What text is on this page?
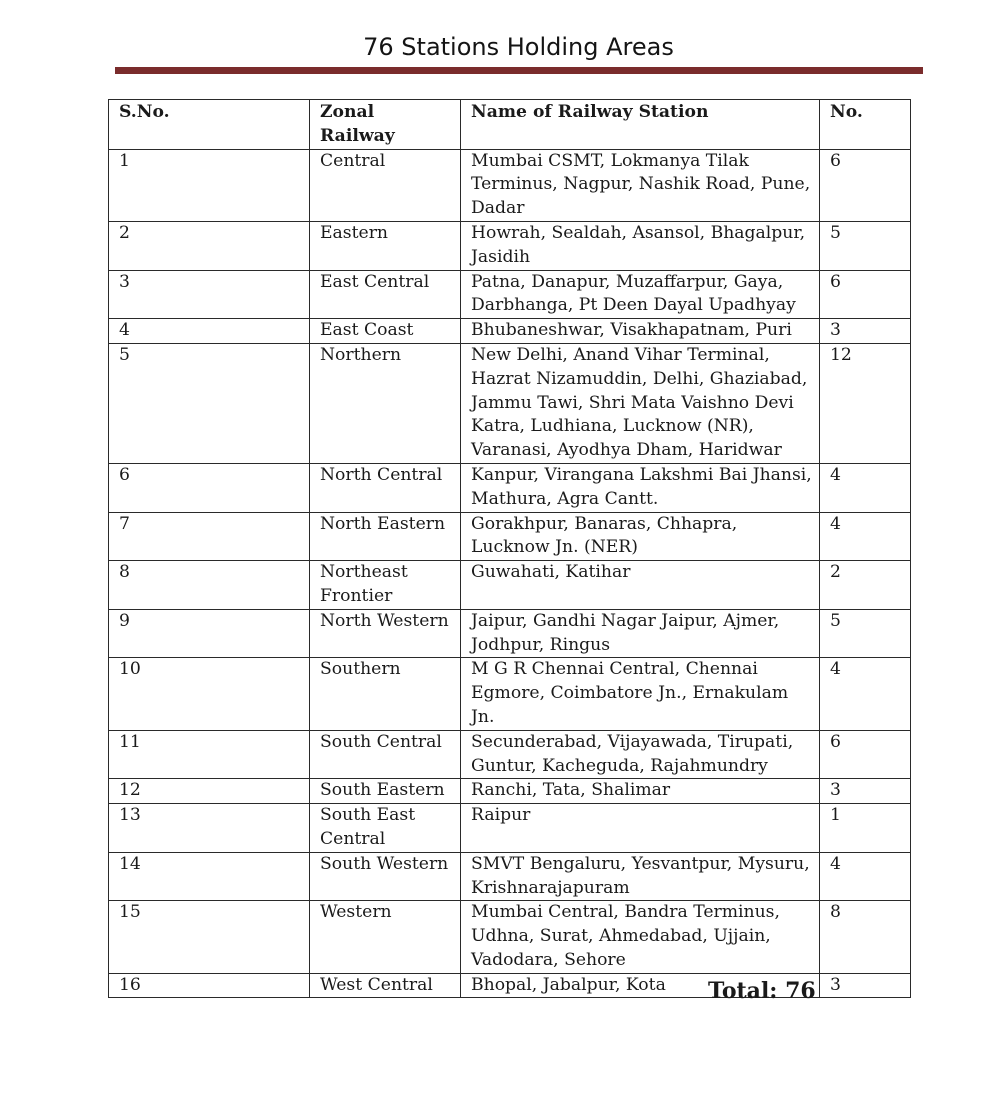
76 Stations Holding Areas
S.No.	Zonal Railway	Name of Railway Station	No.
1	Central	Mumbai CSMT, Lokmanya Tilak Terminus, Nagpur, Nashik Road, Pune, Dadar	6
2	Eastern	Howrah, Sealdah, Asansol, Bhagalpur, Jasidih	5
3	East Central	Patna, Danapur, Muzaffarpur, Gaya, Darbhanga, Pt Deen Dayal Upadhyay	6
4	East Coast	Bhubaneshwar, Visakhapatnam, Puri	3
5	Northern	New Delhi, Anand Vihar Terminal, Hazrat Nizamuddin, Delhi, Ghaziabad, Jammu Tawi, Shri Mata Vaishno Devi Katra, Ludhiana, Lucknow (NR), Varanasi, Ayodhya Dham, Haridwar	12
6	North Central	Kanpur, Virangana Lakshmi Bai Jhansi, Mathura, Agra Cantt.	4
7	North Eastern	Gorakhpur, Banaras, Chhapra, Lucknow Jn. (NER)	4
8	Northeast Frontier	Guwahati, Katihar	2
9	North Western	Jaipur, Gandhi Nagar Jaipur, Ajmer, Jodhpur, Ringus	5
10	Southern	M G R Chennai Central, Chennai Egmore, Coimbatore Jn., Ernakulam Jn.	4
11	South Central	Secunderabad, Vijayawada, Tirupati, Guntur, Kacheguda, Rajahmundry	6
12	South Eastern	Ranchi, Tata, Shalimar	3
13	South East Central	Raipur	1
14	South Western	SMVT Bengaluru, Yesvantpur, Mysuru, Krishnarajapuram	4
15	Western	Mumbai Central, Bandra Terminus, Udhna, Surat, Ahmedabad, Ujjain, Vadodara, Sehore	8
16	West Central	Bhopal, Jabalpur, Kota	3
Total: 76
